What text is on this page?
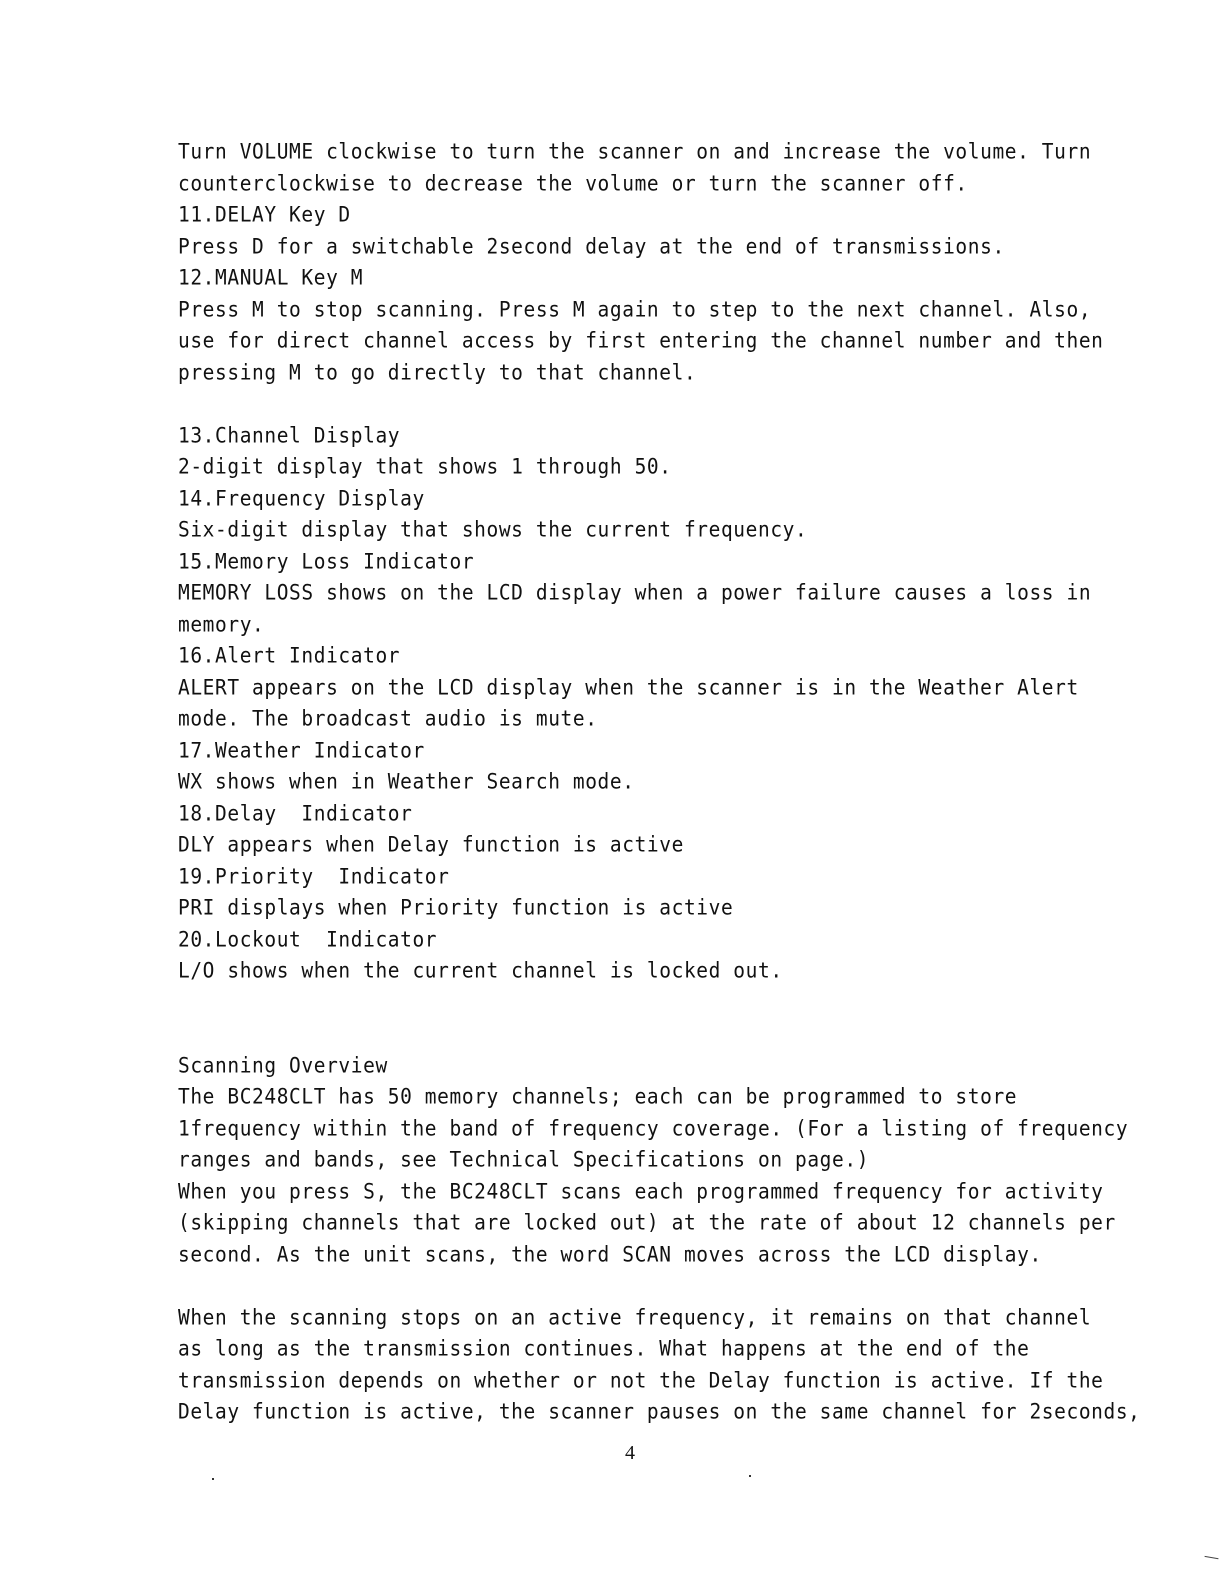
Turn VOLUME clockwise to turn the scanner on and increase the volume. Turn
counterclockwise to decrease the volume or turn the scanner off.
11.DELAY Key D
Press D for a switchable 2second delay at the end of transmissions.
12.MANUAL Key M
Press M to stop scanning. Press M again to step to the next channel. Also,
use for direct channel access by first entering the channel number and then
pressing M to go directly to that channel.
13.Channel Display
2-digit display that shows 1 through 50.
14.Frequency Display
Six-digit display that shows the current frequency.
15.Memory Loss Indicator
MEMORY LOSS shows on the LCD display when a power failure causes a loss in
memory.
16.Alert Indicator
ALERT appears on the LCD display when the scanner is in the Weather Alert
mode. The broadcast audio is mute.
17.Weather Indicator
WX shows when in Weather Search mode.
18.Delay  Indicator
DLY appears when Delay function is active
19.Priority  Indicator
PRI displays when Priority function is active
20.Lockout  Indicator
L/O shows when the current channel is locked out.
Scanning Overview
The BC248CLT has 50 memory channels; each can be programmed to store
1frequency within the band of frequency coverage. (For a listing of frequency
ranges and bands, see Technical Specifications on page.)
When you press S, the BC248CLT scans each programmed frequency for activity
(skipping channels that are locked out) at the rate of about 12 channels per
second. As the unit scans, the word SCAN moves across the LCD display.
When the scanning stops on an active frequency, it remains on that channel
as long as the transmission continues. What happens at the end of the
transmission depends on whether or not the Delay function is active. If the
Delay function is active, the scanner pauses on the same channel for 2seconds,
4
